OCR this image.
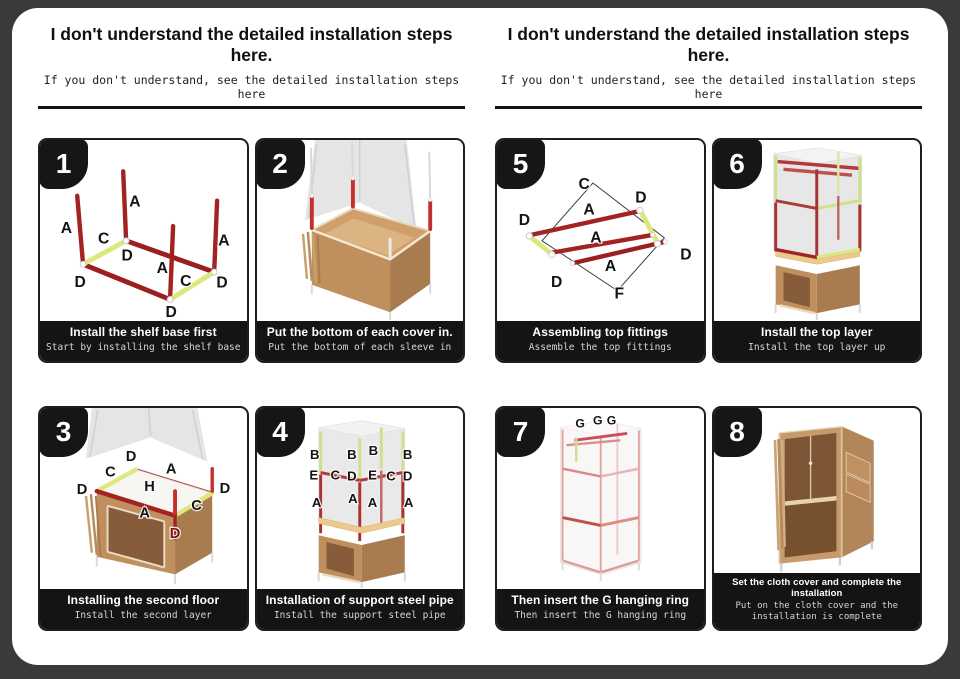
I don't understand the detailed installation steps here.
If you don't understand, see the detailed installation steps here
1
A
A
A
A
C
C
D
D
D
D
Install the shelf base first
Start by installing the shelf base
2
Put the bottom of each cover in.
Put the bottom of each sleeve in
3
D
C	A
D	H
A	C
D
D
Installing the second floor
Install the second layer
4
B B B B
E C D E C D
A A A A
Installation of support steel pipe
Install the support steel pipe
I don't understand the detailed installation steps here.
If you don't understand, see the detailed installation steps here
5
C
D
D
A
A
A
D
D
F
Assembling top fittings
Assemble the top fittings
6
Install the top layer
Install the top layer up
7	G G G
Then insert the G hanging ring
Then insert the G hanging ring
8
Set the cloth cover and complete the installation
Put on the cloth cover and the installation is complete
